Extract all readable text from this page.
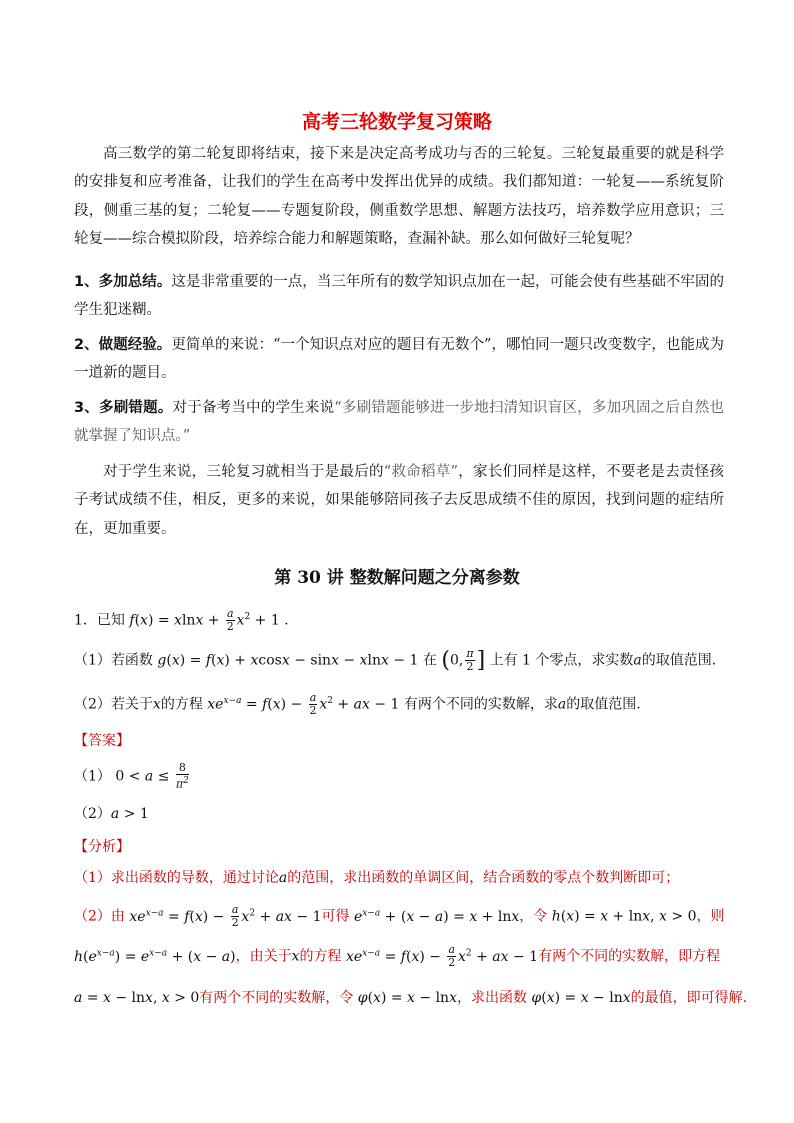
高考三轮数学复习策略
高三数学的第二轮复即将结束，接下来是决定高考成功与否的三轮复。三轮复最重要的就是科学的安排复和应考准备，让我们的学生在高考中发挥出优异的成绩。我们都知道：一轮复——系统复阶段，侧重三基的复；二轮复——专题复阶段，侧重数学思想、解题方法技巧，培养数学应用意识；三轮复——综合模拟阶段，培养综合能力和解题策略，查漏补缺。那么如何做好三轮复呢？
1、多加总结。这是非常重要的一点，当三年所有的数学知识点加在一起，可能会使有些基础不牢固的学生犯迷糊。
2、做题经验。更简单的来说：“一个知识点对应的题目有无数个”，哪怕同一题只改变数字，也能成为一道新的题目。
3、多刷错题。对于备考当中的学生来说“多刷错题能够进一步地扫清知识盲区，多加巩固之后自然也就掌握了知识点。”
对于学生来说，三轮复习就相当于是最后的“救命稻草”，家长们同样是这样，不要老是去责怪孩子考试成绩不佳，相反，更多的来说，如果能够陪同孩子去反思成绩不佳的原因，找到问题的症结所在，更加重要。
第 30 讲 整数解问题之分离参数
1．已知 $f(x) = xlnx + \frac{a}{2} x^2 + 1$ .
（1）若函数 g(x) = f(x) + xcosx − sinx − xlnx − 1 在 (0, $\frac{\pi}{2}$ ] 上有 1 个零点，求实数a的取值范围.
（2）若关于x的方程 $xe^{x-a} = f(x) - \frac{a}{2} x^2$ + ax − 1 有两个不同的实数解，求a的取值范围.
【答案】
（1） $0 < a \le \frac{8}{\pi^2}$
（2）a > 1
【分析】
（1）求出函数的导数，通过讨论a的范围，求出函数的单调区间，结合函数的零点个数判断即可；
（2）由 $xe^{x-a} = f(x) - \frac{a}{2} x^2$ + ax − 1可得 $e^{x-a} + (x - a) = x + \ln x$，令 h(x) = x + lnx, x > 0，则
$h(e^{x-a}) = e^{x-a} + (x - a)$，由关于x的方程 $xe^{x-a} = f(x) - \frac{a}{2} x^2$ + ax − 1有两个不同的实数解，即方程
a = x − lnx, x > 0有两个不同的实数解，令 φ(x) = x − lnx，求出函数 φ(x) = x − lnx的最值，即可得解.
